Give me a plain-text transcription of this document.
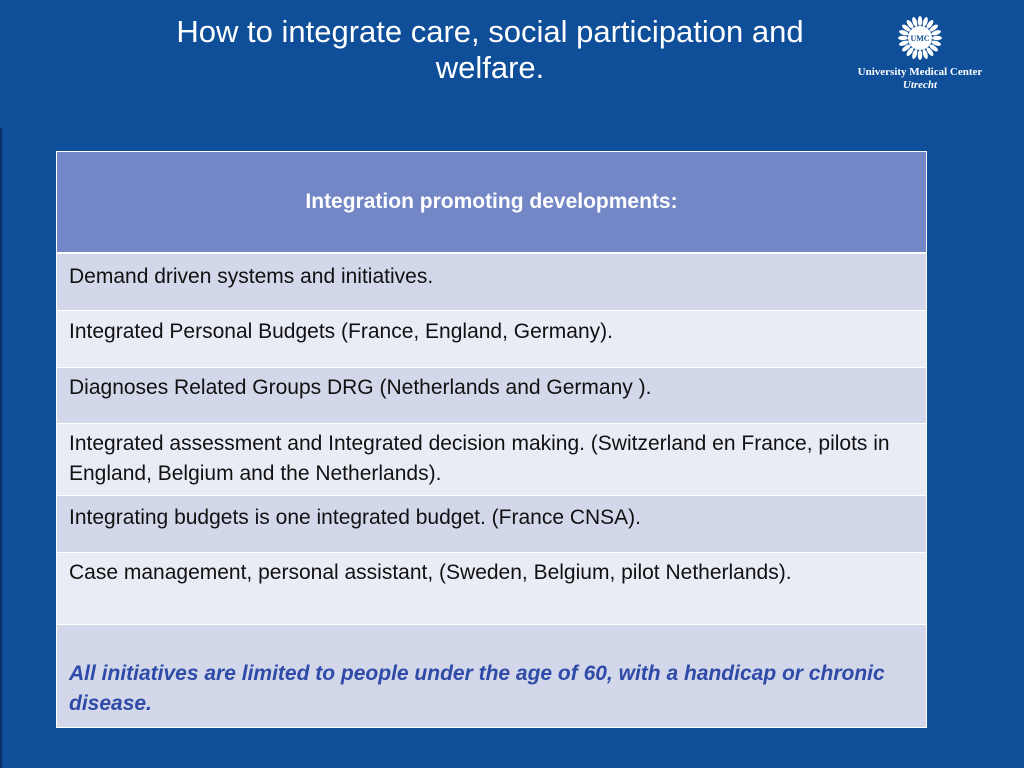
How to integrate care, social participation and welfare.
UMC
University Medical Center
Utrecht
Integration promoting developments:
Demand driven systems and initiatives.
Integrated Personal Budgets (France, England, Germany).
Diagnoses Related Groups DRG (Netherlands and Germany ).
Integrated assessment and Integrated decision making. (Switzerland en France, pilots in England, Belgium and the Netherlands).
Integrating budgets is one integrated budget. (France CNSA).
Case management, personal assistant, (Sweden, Belgium, pilot Netherlands).
All initiatives are limited to people under the age of 60, with a handicap or chronic disease.
